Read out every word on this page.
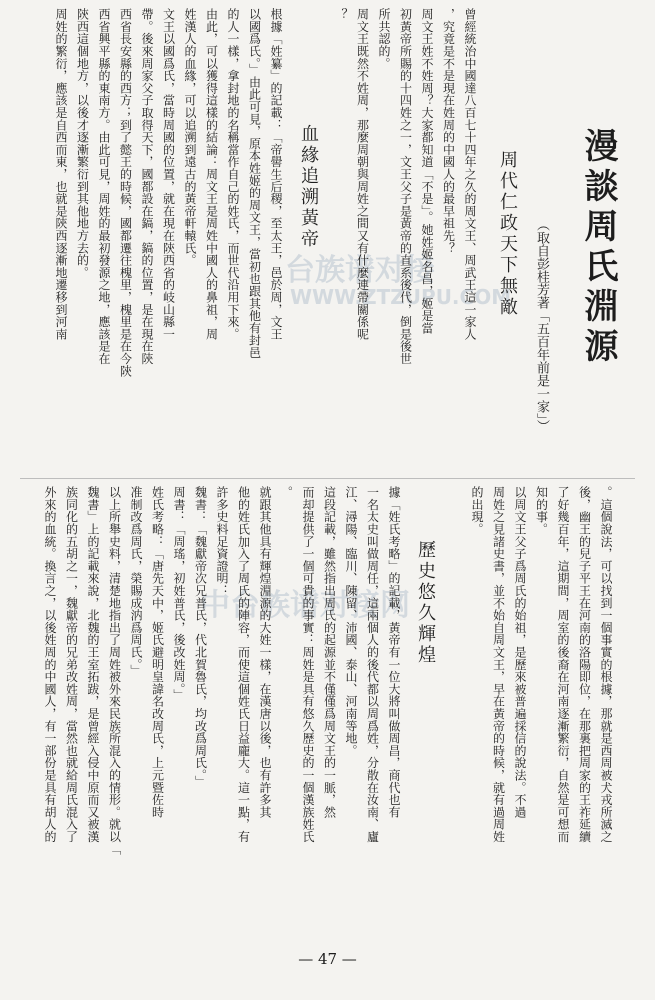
台族谱对接
WWW.ZTZUPU.COM
中台族谱对接网
漫談周氏淵源
（取自彭桂芳著「五百年前是一家」）
周代仁政天下無敵
曾經統治中國達八百七十四年之久的周文王、周武王這一家人
，究竟是不是現在姓周的中國人的最早祖先？
周文王姓不姓周？大家都知道「不是」。她姓姬名昌，姬是當
初黃帝所賜的十四姓之一，文王父子是黃帝的直系後代，倒是後世
所共認的。
周文王既然不姓周，那麼周朝與周姓之間又有什麼連帶關係呢
？
血緣追溯黃帝
根據「姓纂」的記載：「帝嚳生后稷，至太王，邑於周，文王
以國爲氏。」由此可見，原本姓姬的周文王，當初也跟其他有封邑
的人一樣，拿封地的名稱當作自己的姓氏，而世代沿用下來。
由此，可以獲得這樣的結論：周文王是周姓中國人的鼻祖，周
姓漢人的血緣，可以追溯到遠古的黃帝軒轅氏。
文王以國爲氏，當時周國的位置，就在現在陝西省的岐山縣一
帶。後來周家父子取得天下，國都設在鎬，鎬的位置，是在現在陝
西省長安縣的西方；到了懿王的時候，國都遷往槐里，槐里是在今陝
西省興平縣的東南方。由此可見，周姓的最初發源之地，應該是在
陝西這個地方，以後才逐漸繁衍到其他地方去的。
周姓的繁衍，應該是自西而東，也就是陝西逐漸地遷移到河南
。這個說法，可以找到一個事實的根據，那就是西周被犬戎所滅之
後，幽王的兒子平王在河南的洛陽即位，在那裏把周家的王祚延續
了好幾百年，這期間，周室的後裔在河南逐漸繁衍，自然是可想而
知的事。
以周文王父子爲周氏的始祖，是歷來被普遍採信的說法。不過
周姓之見諸史書，並不始自周文王，早在黃帝的時候，就有過周姓
的出現。
歷史悠久輝煌
據「姓氏考略」的記載，黃帝有一位大將叫做周昌，商代也有
一名太史叫做周任，這兩個人的後代都以周爲姓，分散在汝南、廬
江、潯陽、臨川、陳留、沛國、泰山、河南等地。
這段記載，雖然指出周氏的起源並不僅僅爲周文王的一脈，然
而却提供了一個可貴的事實：周姓是具有悠久歷史的一個漢族姓氏
。
就跟其他具有輝煌淵源的大姓一樣，在漢唐以後，也有許多其
他的姓氏加入了周氏的陣容，而使這個姓氏日益龐大。這一點，有
許多史料足資證明：
魏書：「魏獻帝次兄普氏，代北賀魯氏，均改爲周氏。」
周書：「周瑤，初姓普氏，後改姓周。」
姓氏考略：「唐先天中，姬氏避明皇諱名改周氏，上元暨佐時
准制改爲周氏，榮賜成汭爲周氏。」
以上所舉史料，清楚地指出了周姓被外來民族所混入的情形。就以「
魏書」上的記載來說，北魏的王室拓跋，是曾經入侵中原而又被漢
族同化的五胡之一，魏獻帝的兄弟改姓周，當然也就給周氏混入了
外來的血統。換言之，以後姓周的中國人，有一部份是具有胡人的
— 47 —
